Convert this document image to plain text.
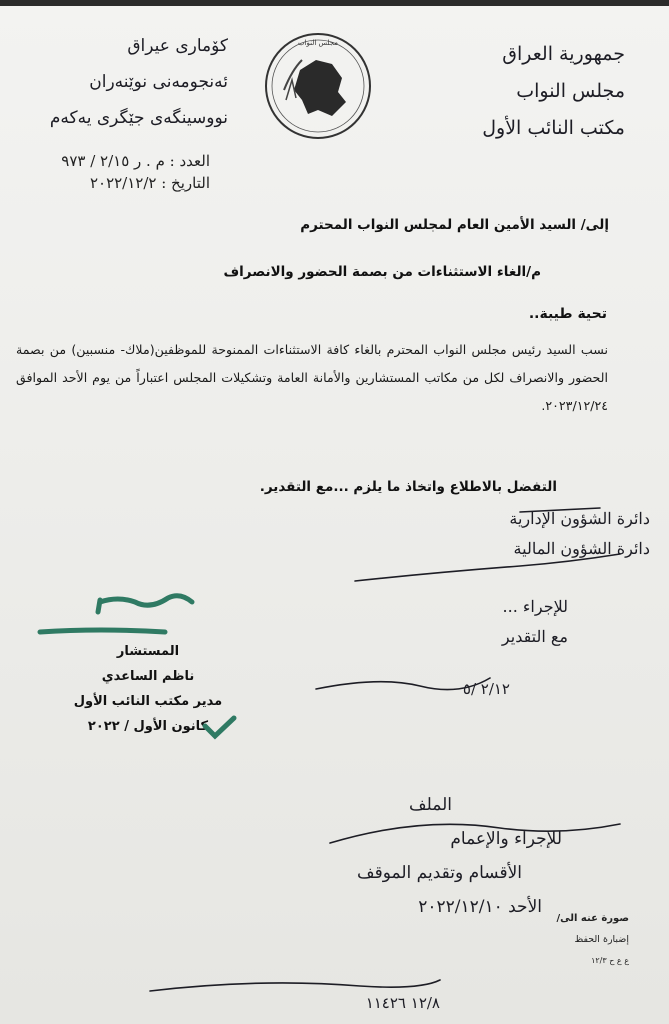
کۆماری عیراق
ئەنجومەنی نوێنەران
نووسینگەی جێگری یەکەم
مجلس النواب	جمهورية العراق
مجلس النواب
مكتب النائب الأول
العدد : م . ر ٢/١٥ / ٩٧٣
التاريخ : ٢٠٢٢/١٢/٢
إلى/ السيد الأمين العام لمجلس النواب المحترم
م/الغاء الاستثناءات من بصمة الحضور والانصراف
تحية طيبة..
نسب السيد رئيس مجلس النواب المحترم بالغاء كافة الاستثناءات الممنوحة للموظفين(ملاك- منسبين) من بصمة الحضور والانصراف لكل من مكاتب المستشارين والأمانة العامة وتشكيلات المجلس اعتباراً من يوم الأحد الموافق ٢٠٢٣/١٢/٢٤.
التفضل بالاطلاع واتخاذ ما يلزم ...مع التقدير.
المستشار
ناظم الساعدي
مدير مكتب النائب الأول
كانون الأول / ٢٠٢٢
دائرة الشؤون الإدارية
دائرة الشؤون المالية
للإجراء ...
مع التقدير
٢/١٢ /٥
الملف
للإجراء والإعمام
الأقسام وتقديم الموقف
الأحد ٢٠٢٢/١٢/١٠
١٢/٨ ١١٤٢٦
صورة عنه الى/
إضبارة الحفظ
ع ع ح ١٢/٣
